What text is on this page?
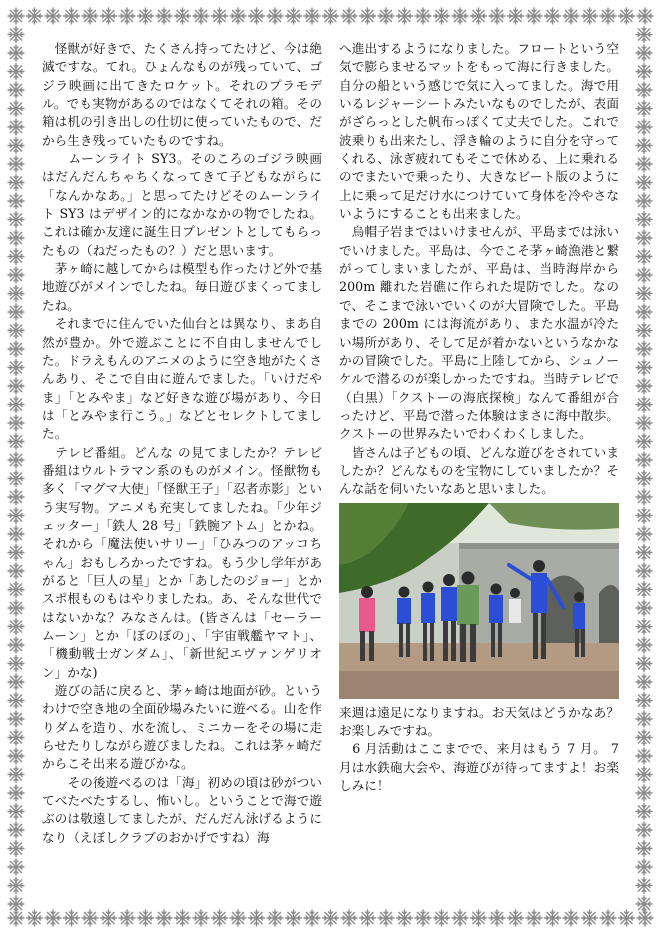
　怪獣が好きで、たくさん持ってたけど、今は絶滅ですな。てれ。ひょんなものが残っていて、ゴジラ映画に出てきたロケット。それのプラモデル。でも実物があるのではなくてそれの箱。その箱は机の引き出しの仕切に使っていたもので、だから生き残っていたものですね。

　　ムーンライト SY3。そのころのゴジラ映画はだんだんちゃちくなってきて子どもながらに「なんかなあ。」と思ってたけどそのムーンライト SY3 はデザイン的になかなかの物でしたね。これは確か友達に誕生日プレゼントとしてもらったもの（ねだったもの？）だと思います。

　茅ヶ崎に越してからは模型も作ったけど外で基地遊びがメインでしたね。毎日遊びまくってましたね。

　それまでに住んでいた仙台とは異なり、まあ自然が豊か。外で遊ぶことに不自由しませんでした。ドラえもんのアニメのように空き地がたくさんあり、そこで自由に遊んでました。「いけだやま」「とみやま」など好きな遊び場があり、今日は「とみやま行こう。」などとセレクトしてました。

　テレビ番組。どんな の見てましたか？テレビ番組はウルトラマン系のものがメイン。怪獣物も多く「マグマ大使」「怪獣王子」「忍者赤影」という実写物。アニメも充実してましたね。「少年ジェッター」「鉄人 28 号」「鉄腕アトム」とかね。それから「魔法使いサリー」「ひみつのアッコちゃん」おもしろかったですね。もう少し学年があがると「巨人の星」とか「あしたのジョー」とかスポ根ものもはやりましたね。あ、そんな世代ではないかな？みなさんは。(皆さんは「セーラームーン」とか「ぼのぼの」、「宇宙戦艦ヤマト」、「機動戦士ガンダム」、「新世紀エヴァンゲリオン」かな)

　遊びの話に戻ると、茅ヶ崎は地面が砂。というわけで空き地の全面砂場みたいに遊べる。山を作りダムを造り、水を流し、ミニカーをその場に走らせたりしながら遊びましたね。これは茅ヶ崎だからこそ出来る遊びかな。

　　その後遊べるのは「海」初めの頃は砂がついてべたべたするし、怖いし。ということで海で遊ぶのは敬遠してましたが、だんだん泳げるようになり（えぼしクラブのおかげですね）海

へ進出するようになりました。フロートという空気で膨らませるマットをもって海に行きました。自分の船という感じで気に入ってました。海で用いるレジャーシートみたいなものでしたが、表面がざらっとした帆布っぽくて丈夫でした。これで波乗りも出来たし、浮き輪のように自分を守ってくれる、泳ぎ疲れてもそこで休める、上に乗れるのでまたいで乗ったり、大きなビート版のように上に乗って足だけ水につけていて身体を冷やさないようにすることも出来ました。

　烏帽子岩まではいけませんが、平島までは泳いでいけました。平島は、今でこそ茅ヶ崎漁港と繋がってしまいましたが、平島は、当時海岸から 200m 離れた岩礁に作られた堤防でした。なので、そこまで泳いでいくのが大冒険でした。平島までの 200m には海流があり、また水温が冷たい場所があり、そして足が着かないというなかなかの冒険でした。平島に上陸してから、シュノーケルで潜るのが楽しかったですね。当時テレビで（白黒）「クストーの海底探検」なんて番組が合ったけど、平島で潜った体験はまさに海中散歩。クストーの世界みたいでわくわくしました。

　皆さんは子どもの頃、どんな遊びをされていましたか？どんなものを宝物にしていましたか？そんな話を伺いたいなあと思いました。

来週は遠足になりますね。お天気はどうかなあ？お楽しみですね。

　6 月活動はここまでで、来月はもう 7 月。 7 月は水鉄砲大会や、海遊びが待ってますよ！お楽しみに！
